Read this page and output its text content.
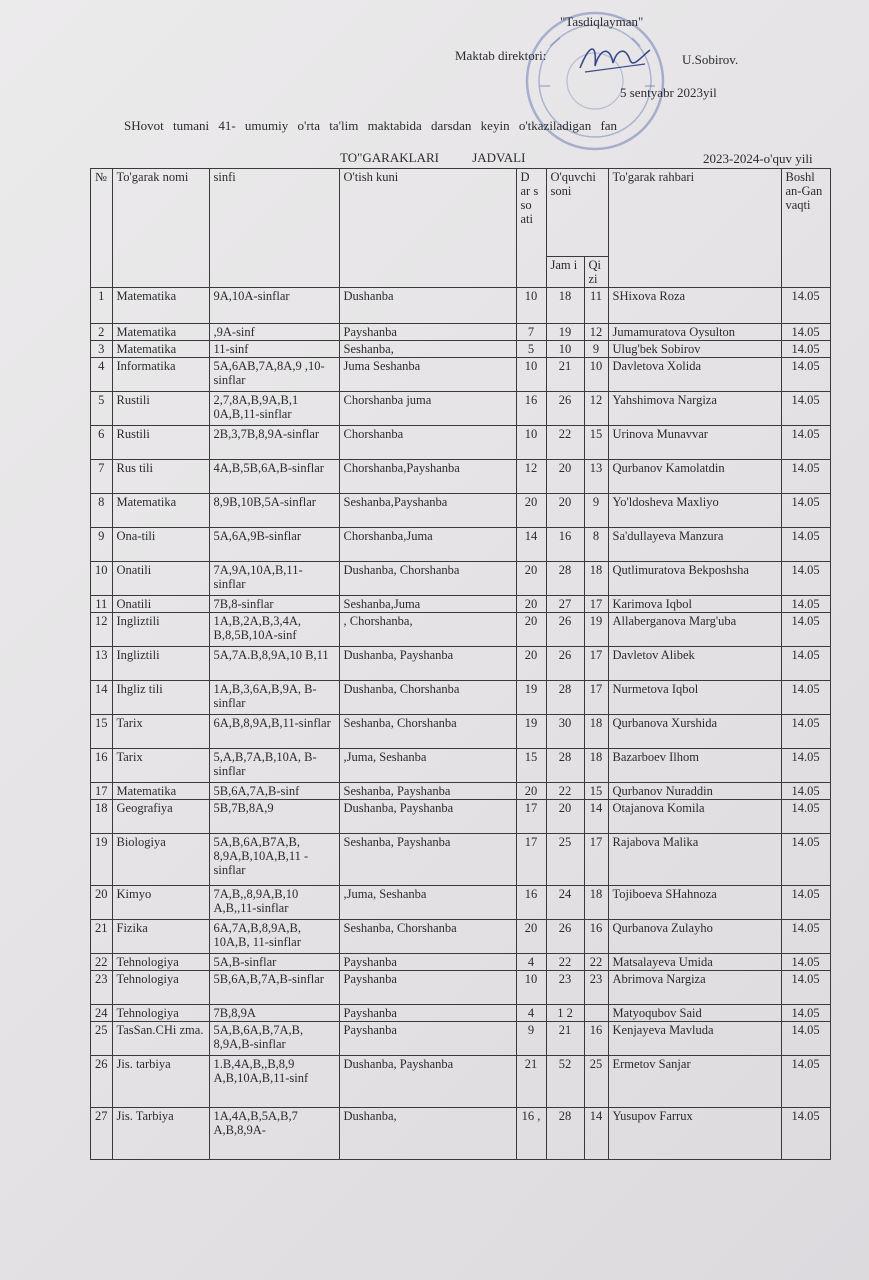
"Tasdiqlayman"
Maktab direktori:	U.Sobirov.
5 sentyabr 2023yil
SHovot tumani 41- umumiy o'rta ta'lim maktabida darsdan keyin o'tkaziladigan fan
TO"GARAKLARI JADVALI	2023-2024-o'quv yili
№	To'garak nomi	sinfi	O'tish kuni	D ar s so ati	O'quvchi soni		To'garak rahbari	Boshl an-Gan vaqti
					Jam i	Qi zi		
1	Matematika	9A,10A-sinflar	Dushanba	10	18	11	SHixova Roza	14.05
2	Matematika	,9A-sinf	Payshanba	7	19	12	Jumamuratova Oysulton	14.05
3	Matematika	11-sinf	Seshanba,	5	10	9	Ulug'bek Sobirov	14.05
4	Informatika	5A,6AB,7A,8A,9 ,10-sinflar	Juma Seshanba	10	21	10	Davletova Xolida	14.05
5	Rustili	2,7,8A,B,9A,B,1 0A,B,11-sinflar	Chorshanba juma	16	26	12	Yahshimova Nargiza	14.05
6	Rustili	2B,3,7B,8,9A-sinflar	Chorshanba	10	22	15	Urinova Munavvar	14.05
7	Rus tili	4A,B,5B,6A,B-sinflar	Chorshanba,Payshanba	12	20	13	Qurbanov Kamolatdin	14.05
8	Matematika	8,9B,10B,5A-sinflar	Seshanba,Payshanba	20	20	9	Yo'ldosheva Maxliyo	14.05
9	Ona-tili	5A,6A,9B-sinflar	Chorshanba,Juma	14	16	8	Sa'dullayeva Manzura	14.05
10	Onatili	7A,9A,10A,B,11-sinflar	Dushanba, Chorshanba	20	28	18	Qutlimuratova Bekposhsha	14.05
11	Onatili	7B,8-sinflar	Seshanba,Juma	20	27	17	Karimova Iqbol	14.05
12	Ingliztili	1A,B,2A,B,3,4A, B,8,5B,10A-sinf	, Chorshanba,	20	26	19	Allaberganova Marg'uba	14.05
13	Ingliztili	5A,7A.B,8,9A,10 B,11	Dushanba, Payshanba	20	26	17	Davletov Alibek	14.05
14	Ihgliz tili	1A,B,3,6A,B,9A, B-sinflar	Dushanba, Chorshanba	19	28	17	Nurmetova Iqbol	14.05
15	Tarix	6A,B,8,9A,B,11-sinflar	Seshanba, Chorshanba	19	30	18	Qurbanova Xurshida	14.05
16	Tarix	5,A,B,7A,B,10A, B-sinflar	,Juma, Seshanba	15	28	18	Bazarboev Ilhom	14.05
17	Matematika	5B,6A,7A,B-sinf	Seshanba, Payshanba	20	22	15	Qurbanov Nuraddin	14.05
18	Geografiya	5B,7B,8A,9	Dushanba, Payshanba	17	20	14	Otajanova Komila	14.05
19	Biologiya	5A,B,6A,B7A,B, 8,9A,B,10A,B,11 -sinflar	Seshanba, Payshanba	17	25	17	Rajabova Malika	14.05
20	Kimyo	7A,B,,8,9A,B,10 A,B,,11-sinflar	,Juma, Seshanba	16	24	18	Tojiboeva SHahnoza	14.05
21	Fizika	6A,7A,B,8,9A,B, 10A,B, 11-sinflar	Seshanba, Chorshanba	20	26	16	Qurbanova Zulayho	14.05
22	Tehnologiya	5A,B-sinflar	Payshanba	4	22	22	Matsalayeva Umida	14.05
23	Tehnologiya	5B,6A,B,7A,B-sinflar	Payshanba	10	23	23	Abrimova Nargiza	14.05
24	Tehnologiya	7B,8,9A	Payshanba	4	1 2		Matyoqubov Said	14.05
25	TasSan.CHi zma.	5A,B,6A,B,7A,B, 8,9A,B-sinflar	Payshanba	9	21	16	Kenjayeva Mavluda	14.05
26	Jis. tarbiya	1.B,4A,B,,B,8,9 A,B,10A,B,11-sinf	Dushanba, Payshanba	21	52	25	Ermetov Sanjar	14.05
27	Jis. Tarbiya	1A,4A,B,5A,B,7 A,B,8,9A-	Dushanba,	16 ,	28	14	Yusupov Farrux	14.05
